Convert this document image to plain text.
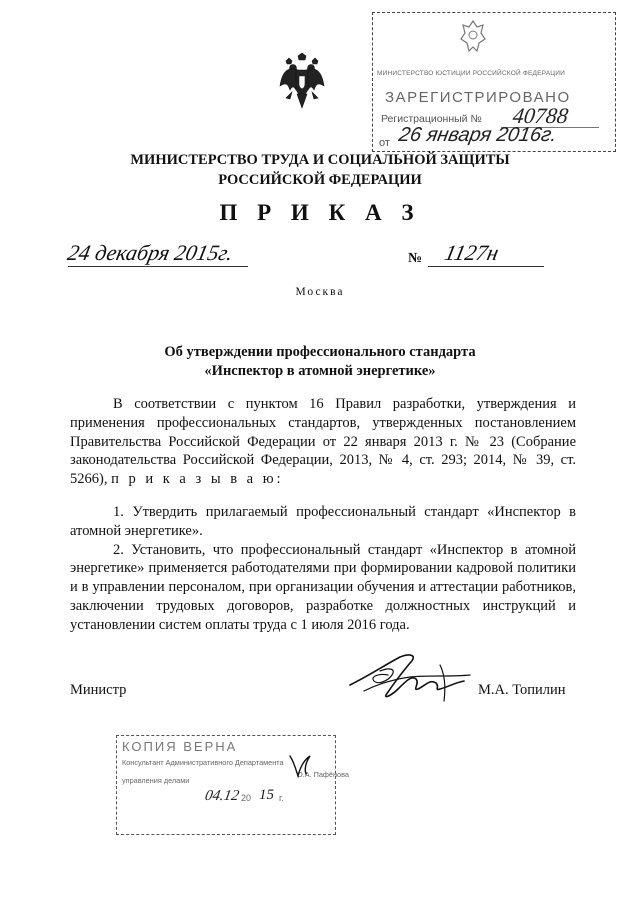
МИНИСТЕРСТВО ЮСТИЦИИ РОССИЙСКОЙ ФЕДЕРАЦИИ
ЗАРЕГИСТРИРОВАНО
Регистрационный № 40788
от 26 января 2016г.
МИНИСТЕРСТВО ТРУДА И СОЦИАЛЬНОЙ ЗАЩИТЫ
РОССИЙСКОЙ ФЕДЕРАЦИИ
П Р И К А З
24 декабря 2015г.	№ 1127н
Москва
Об утверждении профессионального стандарта
«Инспектор в атомной энергетике»

В соответствии с пунктом 16 Правил разработки, утверждения и применения профессиональных стандартов, утвержденных постановлением Правительства Российской Федерации от 22 января 2013 г. № 23 (Собрание законодательства Российской Федерации, 2013, № 4, ст. 293; 2014, № 39, ст. 5266), п р и к а з ы в а ю:

1. Утвердить прилагаемый профессиональный стандарт «Инспектор в атомной энергетике».

2. Установить, что профессиональный стандарт «Инспектор в атомной энергетике» применяется работодателями при формировании кадровой политики и в управлении персоналом, при организации обучения и аттестации работников, заключении трудовых договоров, разработке должностных инструкций и установлении систем оплаты труда с 1 июля 2016 года.

Министр	М.А. Топилин
КОПИЯ ВЕРНА
Консультант Административного Департамента
управления делами
О.А. Пафёнова
04.12 20 15 г.
